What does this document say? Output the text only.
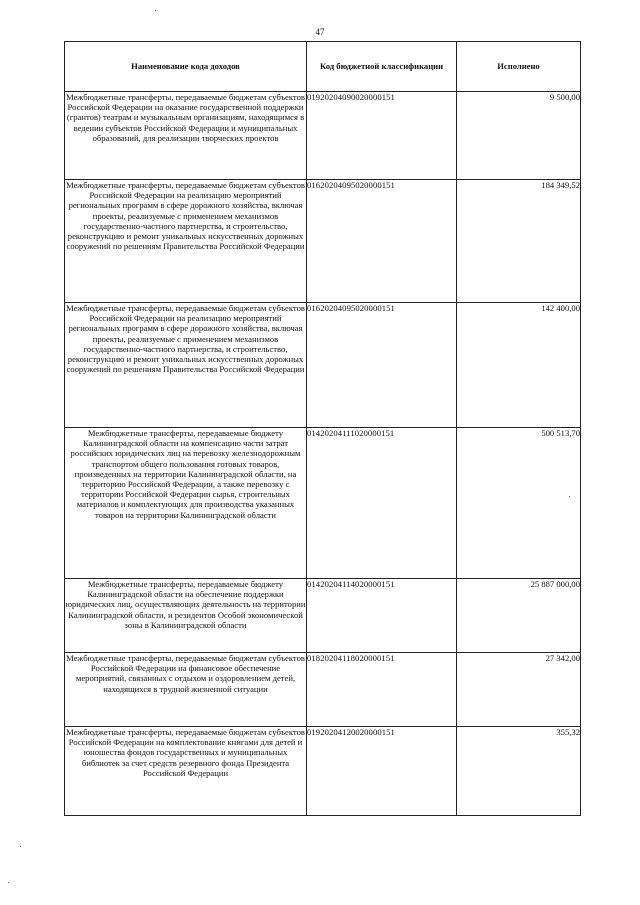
47
Наименование кода доходов	Код бюджетной классификации	Исполнено
Межбюджетные трансферты, передаваемые бюджетам субъектов Российской Федерации на оказание государственной поддержки (грантов) театрам и музыкальным организациям, находящимся в ведении субъектов Российской Федерации и муниципальных образований, для реализации творческих проектов	01920204090020000151	9 500,00
Межбюджетные трансферты, передаваемые бюджетам субъектов Российской Федерации на реализацию мероприятий региональных программ в сфере дорожного хозяйства, включая проекты, реализуемые с применением механизмов государственно-частного партнерства, и строительство, реконструкцию и ремонт уникальных искусственных дорожных сооружений по решениям Правительства Российской Федерации	01620204095020000151	184 349,52
Межбюджетные трансферты, передаваемые бюджетам субъектов Российской Федерации на реализацию мероприятий региональных программ в сфере дорожного хозяйства, включая проекты, реализуемые с применением механизмов государственно-частного партнерства, и строительство, реконструкцию и ремонт уникальных искусственных дорожных сооружений по решениям Правительства Российской Федерации	01620204095020000151	142 400,00
Межбюджетные трансферты, передаваемые бюджету Калининградской области на компенсацию части затрат российских юридических лиц на перевозку железнодорожным транспортом общего пользования готовых товаров, произведенных на территории Калининградской области, на территорию Российской Федерации, а также перевозку с территории Российской Федерации сырья, строительных материалов и комплектующих для производства указанных товаров на территории Калининградской области	01420204111020000151	500 513,70
Межбюджетные трансферты, передаваемые бюджету Калининградской области на обеспечение поддержки юридических лиц, осуществляющих деятельность на территории Калининградской области, и резидентов Особой экономической зоны в Калининградской области	01420204114020000151	25 887 000,00
Межбюджетные трансферты, передаваемые бюджетам субъектов Российской Федерации на финансовое обеспечение мероприятий, связанных с отдыхом и оздоровлением детей, находящихся в трудной жизненной ситуации	01820204118020000151	27 342,00
Межбюджетные трансферты, передаваемые бюджетам субъектов Российской Федерации на комплектование книгами для детей и юношества фондов государственных и муниципальных библиотек за счет средств резервного фонда Президента Российской Федерации	01920204120020000151	355,32
